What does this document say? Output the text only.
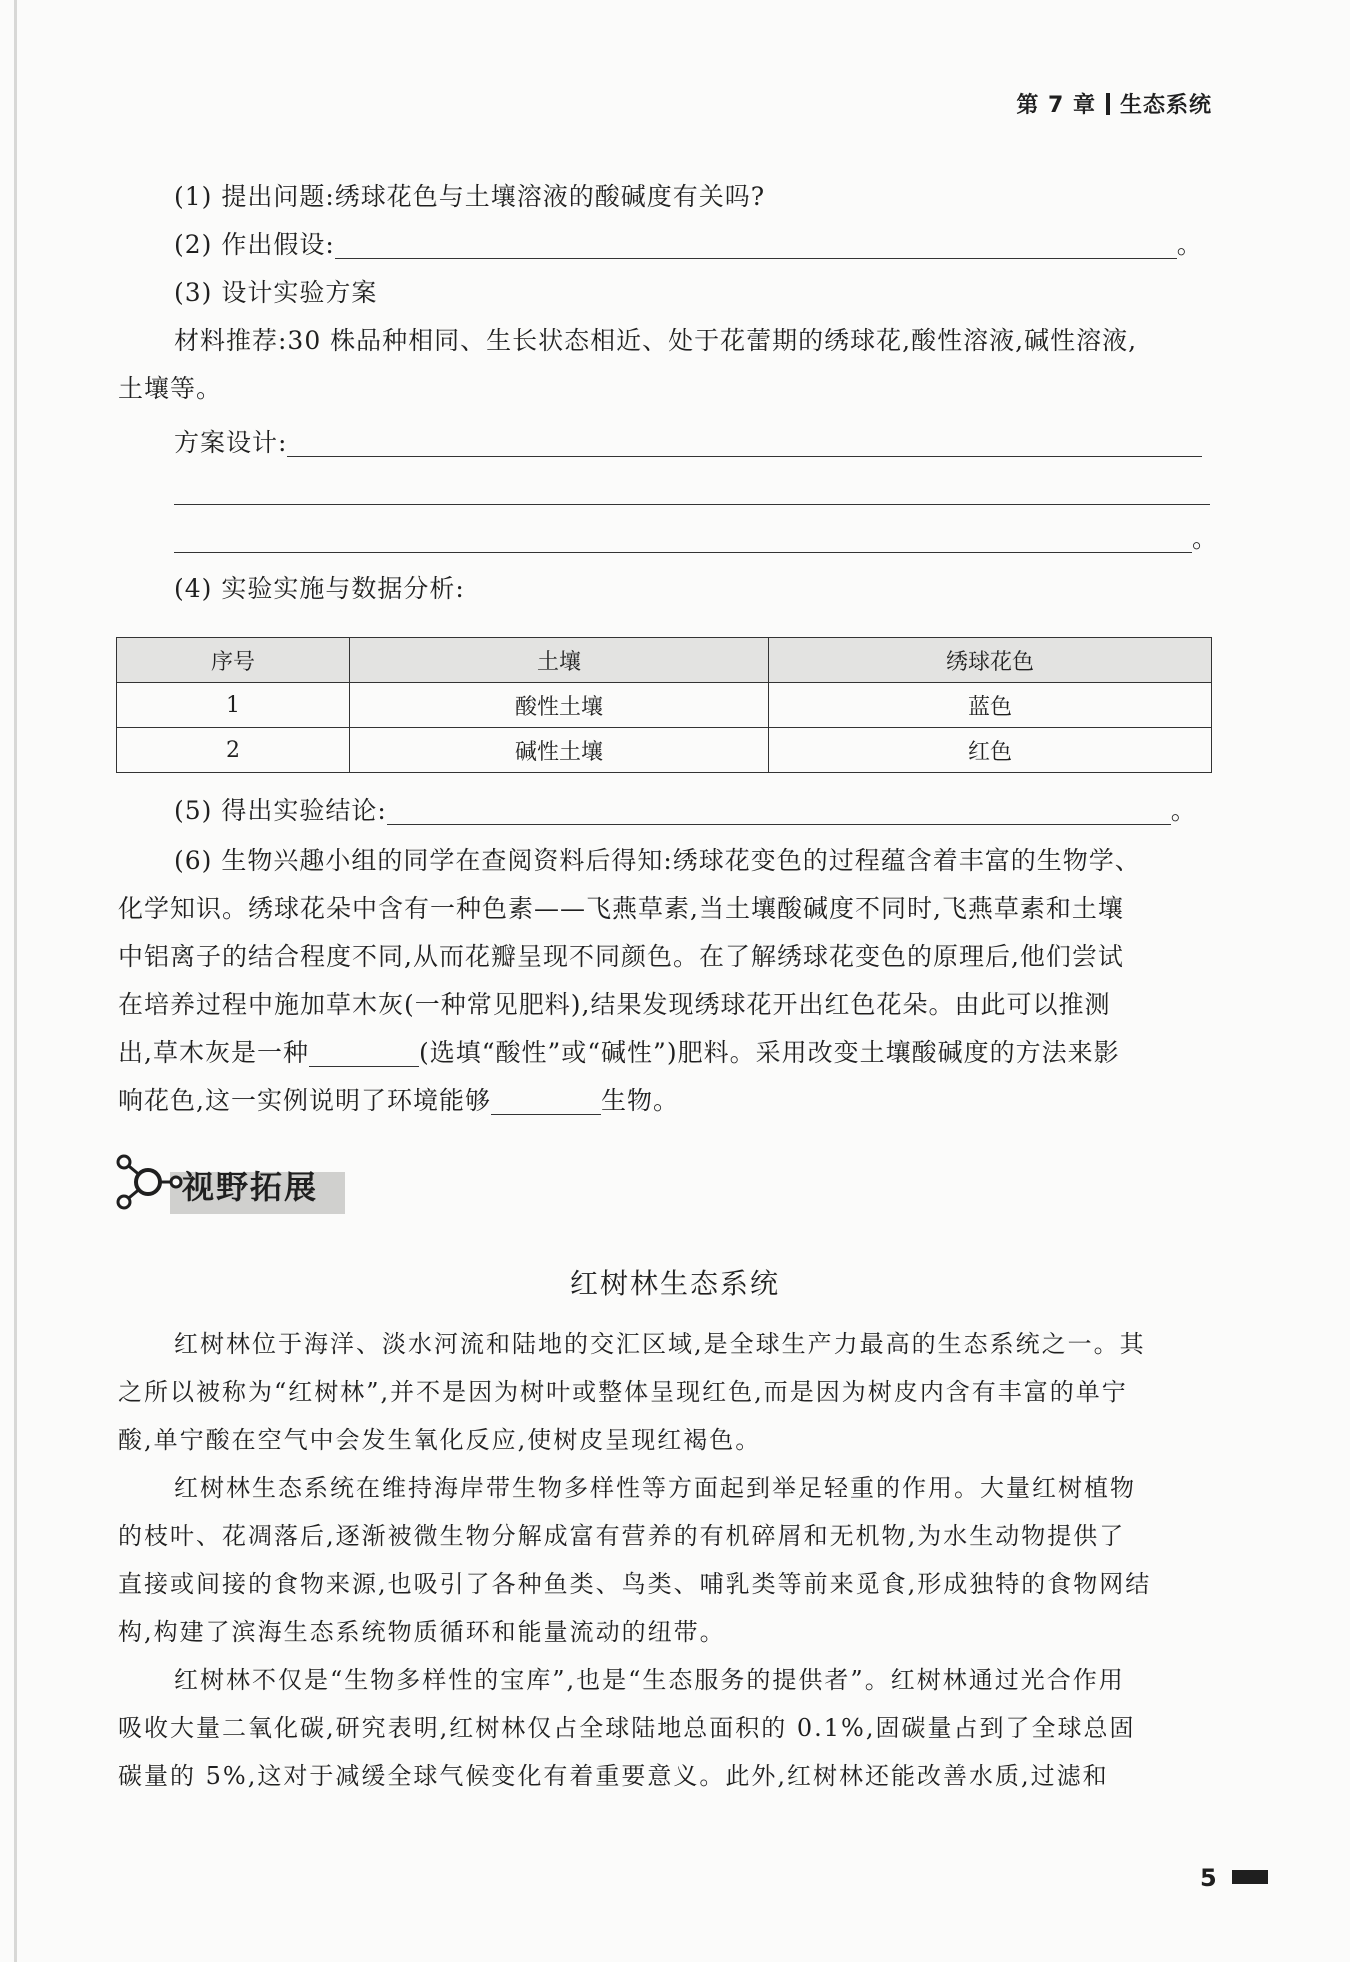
第 7 章 生态系统
(1) 提出问题:绣球花色与土壤溶液的酸碱度有关吗?
(2) 作出假设:	。
(3) 设计实验方案
材料推荐:30 株品种相同、生长状态相近、处于花蕾期的绣球花,酸性溶液,碱性溶液,
土壤等。
方案设计:
。
(4) 实验实施与数据分析:
序号	土壤	绣球花色
1	酸性土壤	蓝色
2	碱性土壤	红色
(5) 得出实验结论:	。
(6) 生物兴趣小组的同学在查阅资料后得知:绣球花变色的过程蕴含着丰富的生物学、
化学知识。绣球花朵中含有一种色素——飞燕草素,当土壤酸碱度不同时,飞燕草素和土壤
中铝离子的结合程度不同,从而花瓣呈现不同颜色。在了解绣球花变色的原理后,他们尝试
在培养过程中施加草木灰(一种常见肥料),结果发现绣球花开出红色花朵。由此可以推测
出,草木灰是一种	(选填“酸性”或“碱性”)肥料。采用改变土壤酸碱度的方法来影
响花色,这一实例说明了环境能够	生物。
视野拓展
红树林生态系统
红树林位于海洋、淡水河流和陆地的交汇区域,是全球生产力最高的生态系统之一。其
之所以被称为“红树林”,并不是因为树叶或整体呈现红色,而是因为树皮内含有丰富的单宁
酸,单宁酸在空气中会发生氧化反应,使树皮呈现红褐色。
红树林生态系统在维持海岸带生物多样性等方面起到举足轻重的作用。大量红树植物
的枝叶、花凋落后,逐渐被微生物分解成富有营养的有机碎屑和无机物,为水生动物提供了
直接或间接的食物来源,也吸引了各种鱼类、鸟类、哺乳类等前来觅食,形成独特的食物网结
构,构建了滨海生态系统物质循环和能量流动的纽带。
红树林不仅是“生物多样性的宝库”,也是“生态服务的提供者”。红树林通过光合作用
吸收大量二氧化碳,研究表明,红树林仅占全球陆地总面积的 0.1%,固碳量占到了全球总固
碳量的 5%,这对于减缓全球气候变化有着重要意义。此外,红树林还能改善水质,过滤和
5
